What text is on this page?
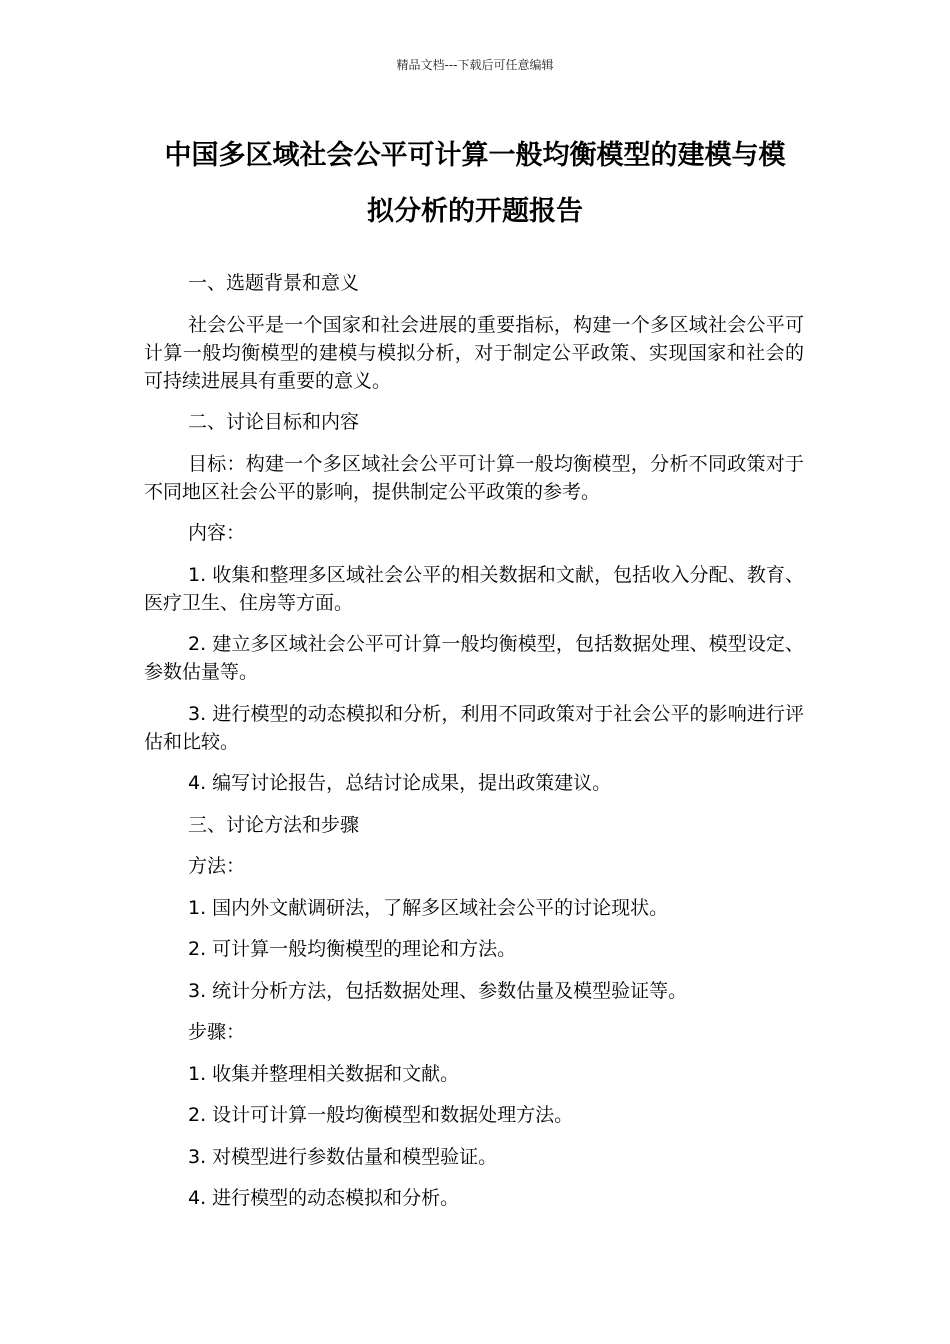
精品文档---下载后可任意编辑
中国多区域社会公平可计算一般均衡模型的建模与模
拟分析的开题报告

一、选题背景和意义

社会公平是一个国家和社会进展的重要指标，构建一个多区域社会公平可计算一般均衡模型的建模与模拟分析，对于制定公平政策、实现国家和社会的可持续进展具有重要的意义。

二、讨论目标和内容

目标：构建一个多区域社会公平可计算一般均衡模型，分析不同政策对于不同地区社会公平的影响，提供制定公平政策的参考。

内容：

1. 收集和整理多区域社会公平的相关数据和文献，包括收入分配、教育、医疗卫生、住房等方面。

2. 建立多区域社会公平可计算一般均衡模型，包括数据处理、模型设定、参数估量等。

3. 进行模型的动态模拟和分析，利用不同政策对于社会公平的影响进行评估和比较。

4. 编写讨论报告，总结讨论成果，提出政策建议。

三、讨论方法和步骤

方法：

1. 国内外文献调研法，了解多区域社会公平的讨论现状。

2. 可计算一般均衡模型的理论和方法。

3. 统计分析方法，包括数据处理、参数估量及模型验证等。

步骤：

1. 收集并整理相关数据和文献。

2. 设计可计算一般均衡模型和数据处理方法。

3. 对模型进行参数估量和模型验证。

4. 进行模型的动态模拟和分析。
